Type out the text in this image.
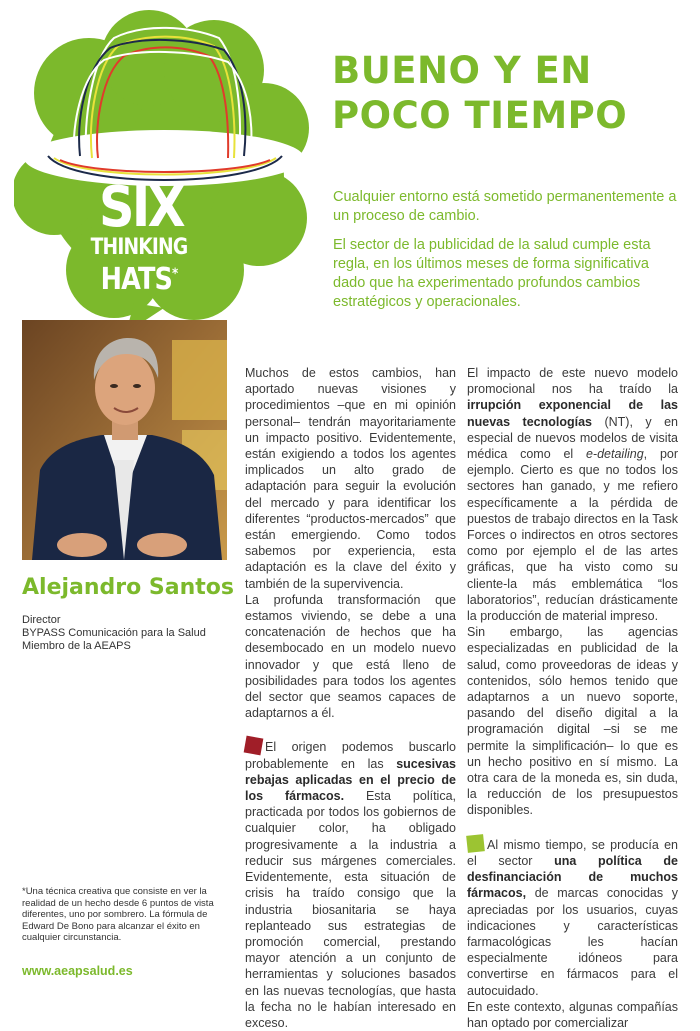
SIX
THINKING
HATS*
BUENO Y EN
POCO TIEMPO

Cualquier entorno está sometido permanentemente a un proceso de cambio.

El sector de la publicidad de la salud cumple esta regla, en los últimos meses de forma significativa dado que ha experimentado profundos cambios estratégicos y operacionales.

Alejandro Santos
Director
BYPASS Comunicación para la Salud
Miembro de la AEAPS
*Una técnica creativa que consiste en ver la realidad de un hecho desde 6 puntos de vista diferentes, uno por sombrero. La fórmula de Edward De Bono para alcanzar el éxito en cualquier circunstancia.
www.aeapsalud.es

Muchos de estos cambios, han aportado nuevas visiones y procedimientos –que en mi opinión personal– tendrán mayoritariamente un impacto positivo. Evidentemente, están exigiendo a todos los agentes implicados un alto grado de adaptación para seguir la evolución del mercado y para identificar los diferentes “productos-mercados” que están emergiendo. Como todos sabemos por experiencia, esta adaptación es la clave del éxito y también de la supervivencia.

La profunda transformación que estamos viviendo, se debe a una concatenación de hechos que ha desembocado en un modelo nuevo innovador y que está lleno de posibilidades para todos los agentes del sector que seamos capaces de adaptarnos a él.

El origen podemos buscarlo probablemente en las sucesivas rebajas aplicadas en el precio de los fármacos. Esta política, practicada por todos los gobiernos de cualquier color, ha obligado progresivamente a la industria a reducir sus márgenes comerciales. Evidentemente, esta situación de crisis ha traído consigo que la industria biosanitaria se haya replanteado sus estrategias de promoción comercial, prestando mayor atención a un conjunto de herramientas y soluciones basados en las nuevas tecnologías, que hasta la fecha no le habían interesado en exceso.

El impacto de este nuevo modelo promocional nos ha traído la irrupción exponencial de las nuevas tecnologías (NT), y en especial de nuevos modelos de visita médica como el e-detailing, por ejemplo. Cierto es que no todos los sectores han ganado, y me refiero específicamente a la pérdida de puestos de trabajo directos en la Task Forces o indirectos en otros sectores como por ejemplo el de las artes gráficas, que ha visto como su cliente-la más emblemática “los laboratorios”, reducían drásticamente la producción de material impreso.

Sin embargo, las agencias especializadas en publicidad de la salud, como proveedoras de ideas y contenidos, sólo hemos tenido que adaptarnos a un nuevo soporte, pasando del diseño digital a la programación digital –si se me permite la simplificación– lo que es un hecho positivo en sí mismo. La otra cara de la moneda es, sin duda, la reducción de los presupuestos disponibles.

Al mismo tiempo, se producía en el sector una política de desfinanciación de muchos fármacos, de marcas conocidas y apreciadas por los usuarios, cuyas indicaciones y características farmacológicas les hacían especialmente idóneos para convertirse en fármacos para el autocuidado.

En este contexto, algunas compañías han optado por comercializar
